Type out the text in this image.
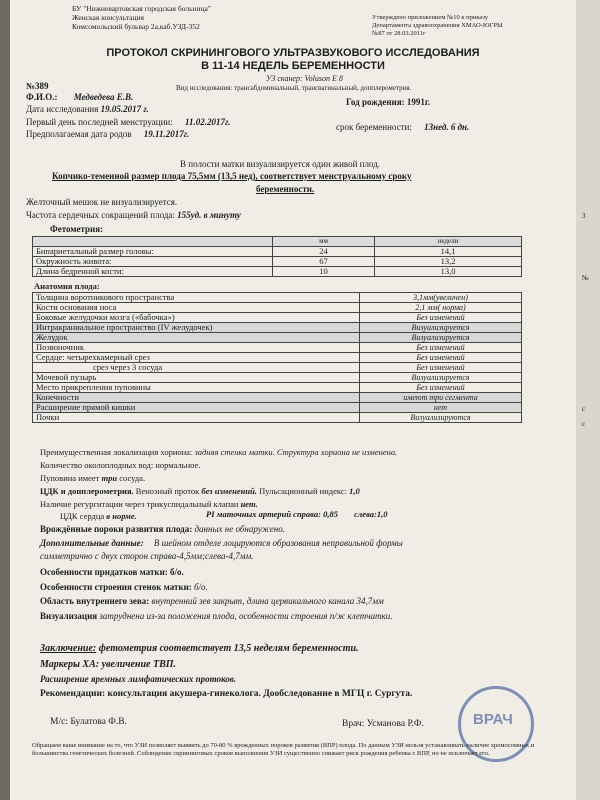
БУ "Нижневартовская городская больница"
Женская консультация
Комсомольский бульвар 2а,каб.УЗД-352
Утверждено приложением №10 к приказу
Департамента здравоохранения ХМАО-ЮГРЫ
№87 от 28.03.2011г
ПРОТОКОЛ СКРИНИНГОВОГО УЛЬТРАЗВУКОВОГО ИССЛЕДОВАНИЯ
В 11-14 НЕДЕЛЬ БЕРЕМЕННОСТИ
УЗ сканер: Voluson E 8
№389
Ф.И.О.: Медведева Е.В.
Вид исследования: трансабдоминальный, трансвагинальный, допплерометрия.
Год рождения: 1991г.
Дата исследования 19.05.2017 г.
Первый день последней менструации: 11.02.2017г.	срок беременности: 13нед. 6 дн.
Предполагаемая дата родов 19.11.2017г.
В полости матки визуализируется один живой плод.
Копчико-теменной размер плода 75,5мм (13,5 нед), соответствует менструальному сроку
беременности.
Желточный мешок не визуализируется.
Частота сердечных сокращений плода: 155уд. в минуту
Фетометрия:
	мм	недели
Бипариетальный размер головы:	24	14,1
Окружность живота:	67	13,2
Длина бедренной кости:	10	13,0
Анатомия плода:
Толщина воротникового пространства	3,1мм(увеличен)
Кости основания носа	2,1 мм( норма)
Боковые желудочки мозга («бабочка»)	Без изменений
Интракраниальное пространство (IV желудочек)	Визуализируется
Желудок	Визуализируется
Позвоночник	Без изменений
Сердце: четырехкамерный срез	Без изменений
срез через 3 сосуда	Без изменений
Мочевой пузырь	Визуализируется
Место прикрепления пуповины	Без изменений
Конечности	имеют три сегмента
Расширение прямой кишки	нет
Почки	Визуализируются
Преимущественная локализация хориона: задняя стенка матки. Структура хориона не изменена.
Количество околоплодных вод: нормальное.
Пуповина имеет три сосуда.
ЦДК и допплерометрия. Венозный проток без изменений. Пульсационный индекс: 1,0
Наличие регургитации через трикуспидальный клапан нет.
ЦДК сердца в норме.	PI маточных артерий справа: 0,85 слева:1,0
Врождённые пороки развития плода: данных не обнаружено.
Дополнительные данные: В шейном отделе лоцируются образования неправильной формы
симметрично с двух сторон справа-4,5мм;слева-4,7мм.
Особенности придатков матки: б/о.
Особенности строения стенок матки: б/о.
Область внутреннего зева: внутренний зев закрыт, длина цервикального канала 34,7мм
Визуализация затруднена из-за положения плода, особенности строения п/ж клетчатки.
Заключение: фетометрия соответствует 13,5 неделям беременности.
Маркеры ХА: увеличение ТВП.
Расширение яремных лимфатических протоков.
Рекомендации: консультация акушера-гинеколога. Дообследование в МГЦ г. Сургута.
М/с: Булатова Ф.В.	Врач: Усманова Р.Ф.	ВРАЧ
Обращаем ваше внимание на то, что УЗИ позволяет выявить до 70-80 % врожденных пороков развития (ВПР) плода. По данным УЗИ нельзя устанавливать наличие хромосомных и большинства генетических болезней. Соблюдение скрининговых сроков выполнения УЗИ существенно снижает риск рождения ребенка с ВПР, но не исключает его.
3
№
с
с
